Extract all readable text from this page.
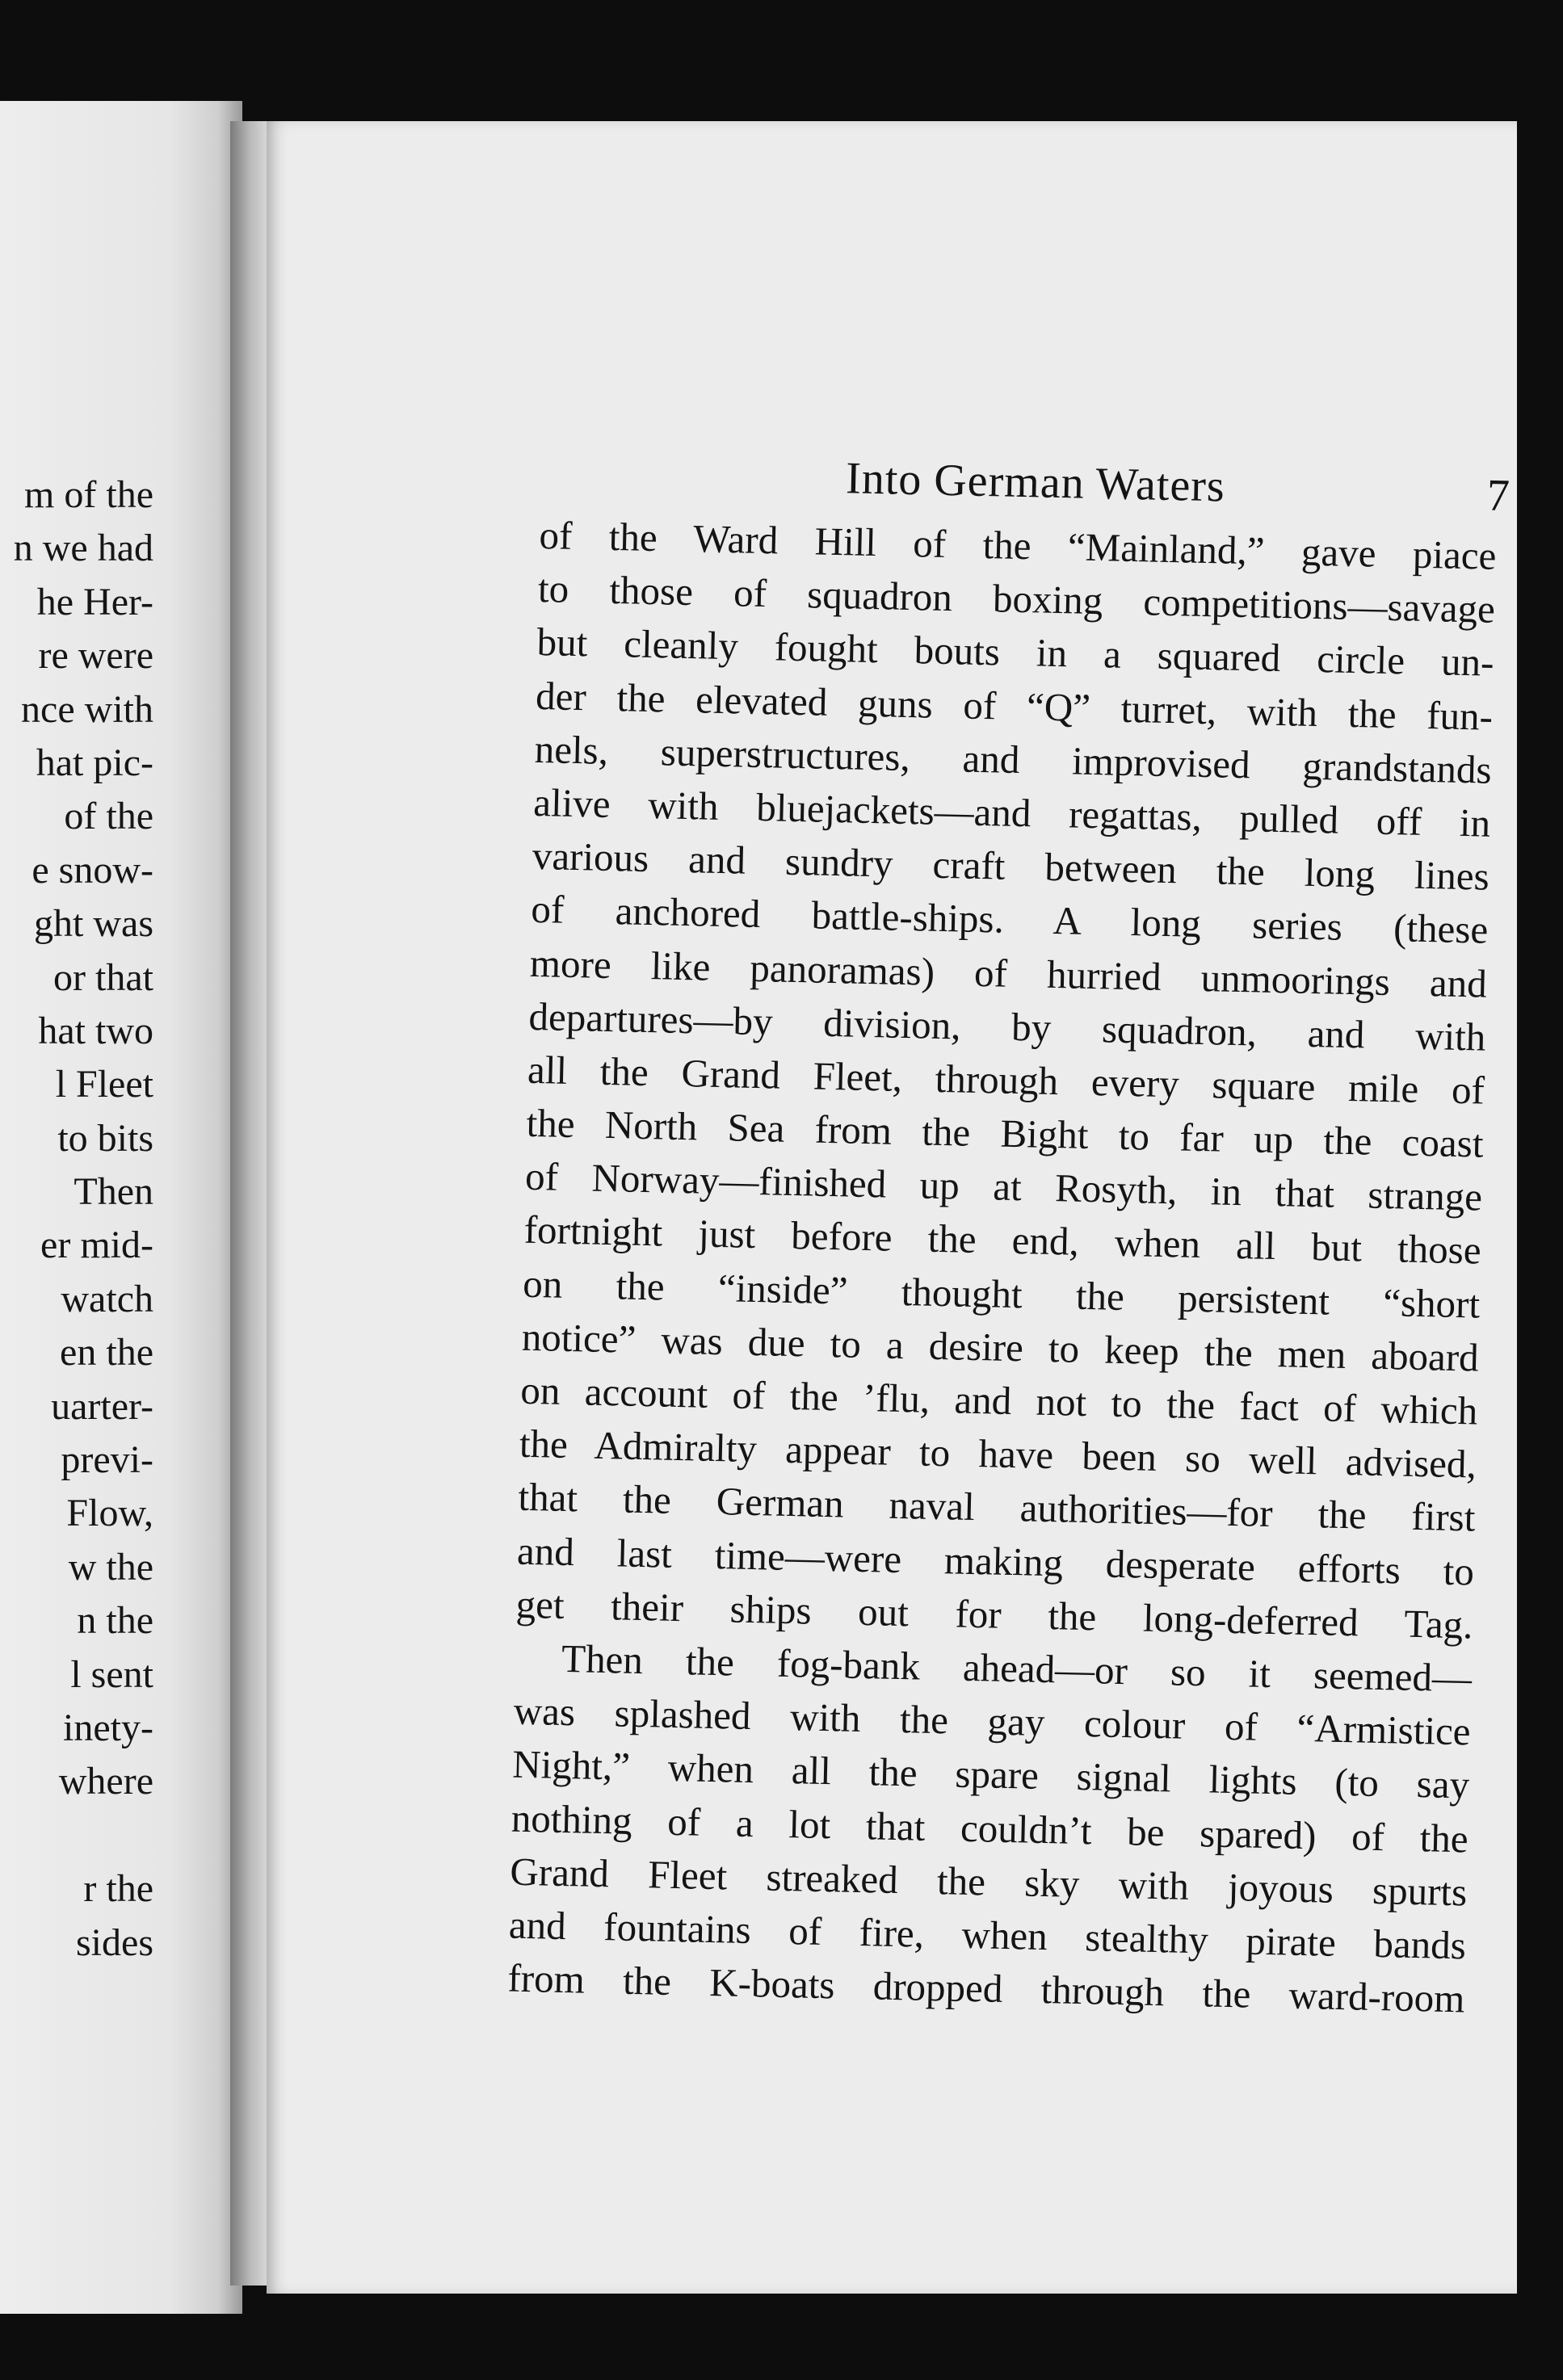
m of the
n we had
he Her-
re were
nce with
hat pic-
of the
e snow-
ght was
or that
hat two
l Fleet
to bits
Then
er mid-
watch
en the
uarter-
previ-
Flow,
w the
n the
l sent
inety-
where
r the
sides
Into German Waters	7
of the Ward Hill of the “Mainland,” gave piace
to those of squadron boxing competitions—savage
but cleanly fought bouts in a squared circle un-
der the elevated guns of “Q” turret, with the fun-
nels, superstructures, and improvised grandstands
alive with bluejackets—and regattas, pulled off in
various and sundry craft between the long lines
of anchored battle-ships. A long series (these
more like panoramas) of hurried unmoorings and
departures—by division, by squadron, and with
all the Grand Fleet, through every square mile of
the North Sea from the Bight to far up the coast
of Norway—finished up at Rosyth, in that strange
fortnight just before the end, when all but those
on the “inside” thought the persistent “short
notice” was due to a desire to keep the men aboard
on account of the ’flu, and not to the fact of which
the Admiralty appear to have been so well advised,
that the German naval authorities—for the first
and last time—were making desperate efforts to
get their ships out for the long-deferred Tag.
Then the fog-bank ahead—or so it seemed—
was splashed with the gay colour of “Armistice
Night,” when all the spare signal lights (to say
nothing of a lot that couldn’t be spared) of the
Grand Fleet streaked the sky with joyous spurts
and fountains of fire, when stealthy pirate bands
from the K-boats dropped through the ward-room
